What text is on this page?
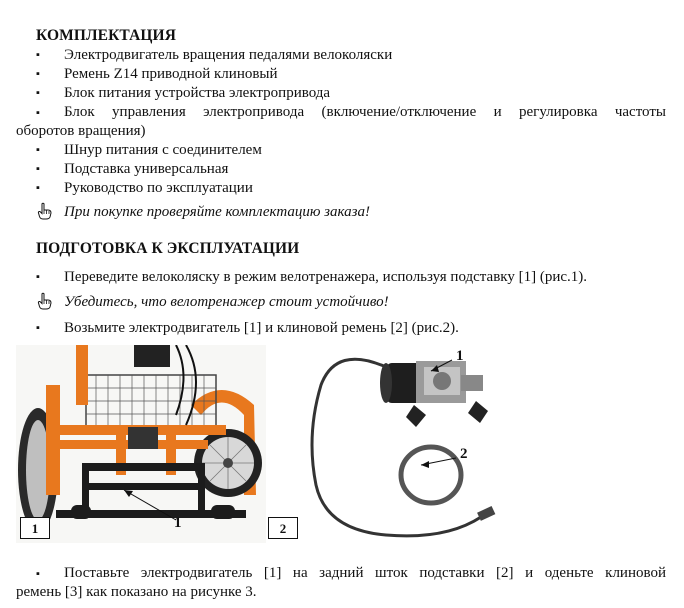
КОМПЛЕКТАЦИЯ
▪	Электродвигатель вращения педалями велоколяски
▪	Ремень Z14 приводной клиновый
▪	Блок питания устройства электропривода
▪ Блок управления электропривода (включение/отключение и регулировка частоты
оборотов вращения)
▪	Шнур питания с соединителем
▪	Подставка универсальная
▪	Руководство по эксплуатации
При покупке проверяйте комплектацию заказа!
ПОДГОТОВКА К ЭКСПЛУАТАЦИИ
▪	Переведите велоколяску в режим велотренажера, используя подставку [1] (рис.1).
Убедитесь, что велотренажер стоит устойчиво!
▪	Возьмите электродвигатель [1] и клиновой ремень [2] (рис.2).
1	1	2
1
2
▪ Поставьте электродвигатель [1] на задний шток подставки [2] и оденьте клиновой
ремень [3] как показано на рисунке 3.
